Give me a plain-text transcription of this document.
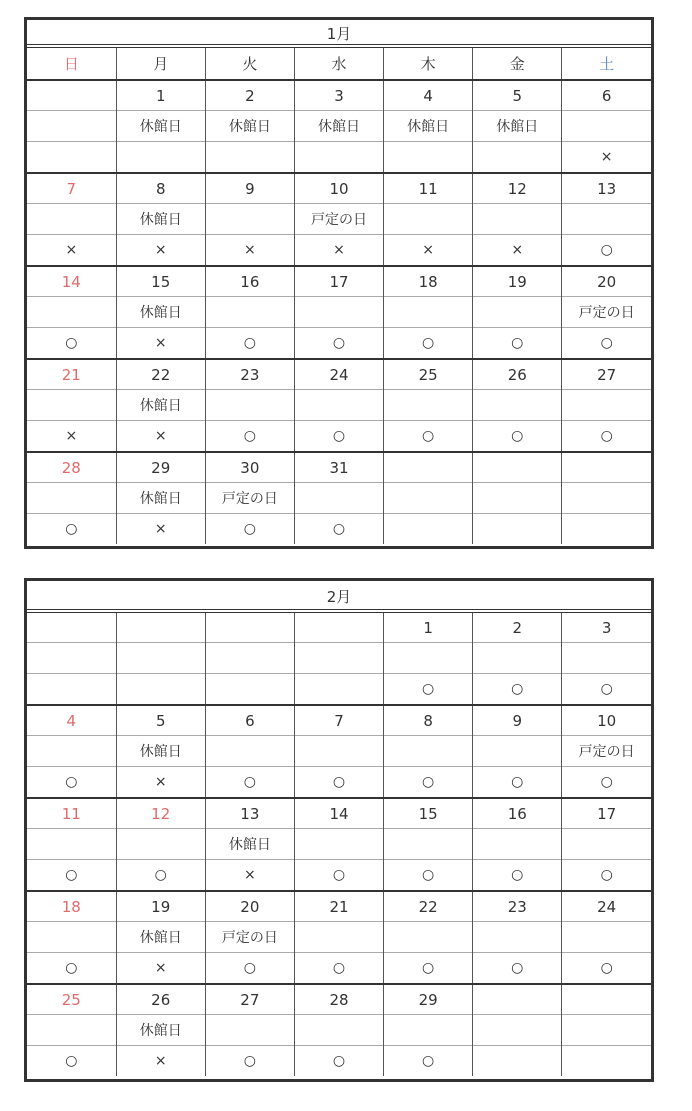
1月
日	月	火	水	木	金	土
	1	2	3	4	5	6
	休館日	休館日	休館日	休館日	休館日	
						×
7	8	9	10	11	12	13
	休館日		戸定の日			
×	×	×	×	×	×	○
14	15	16	17	18	19	20
	休館日					戸定の日
○	×	○	○	○	○	○
21	22	23	24	25	26	27
	休館日					
×	×	○	○	○	○	○
28	29	30	31			
	休館日	戸定の日				
○	×	○	○			
2月
				1	2	3

				○	○	○
4	5	6	7	8	9	10
	休館日					戸定の日
○	×	○	○	○	○	○
11	12	13	14	15	16	17
		休館日				
○	○	×	○	○	○	○
18	19	20	21	22	23	24
	休館日	戸定の日				
○	×	○	○	○	○	○
25	26	27	28	29		
	休館日					
○	×	○	○	○		
